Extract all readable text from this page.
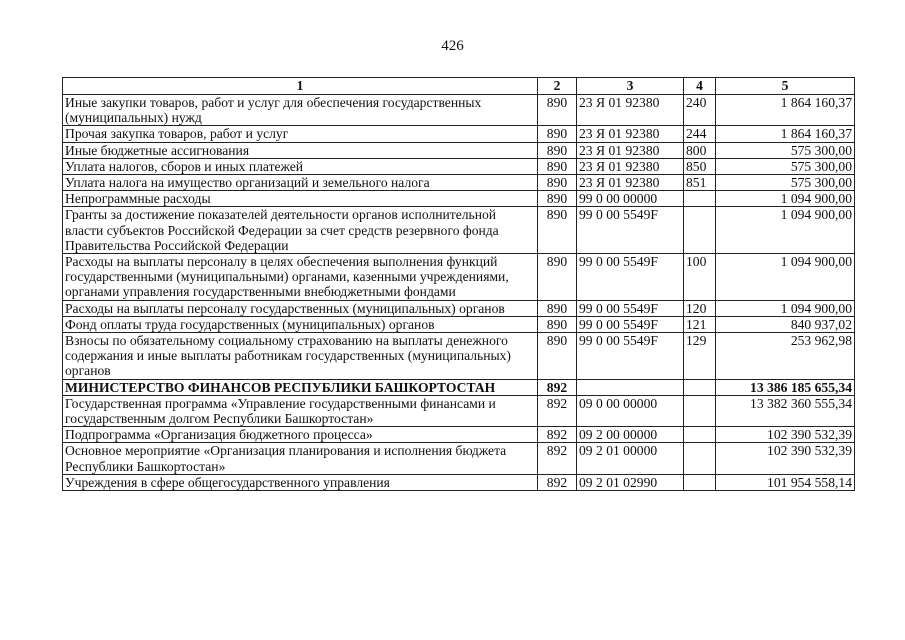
426
1	2	3	4	5
Иные закупки товаров, работ и услуг для обеспечения государственных (муниципальных) нужд	890	23 Я 01 92380	240	1 864 160,37
Прочая закупка товаров, работ и услуг	890	23 Я 01 92380	244	1 864 160,37
Иные бюджетные ассигнования	890	23 Я 01 92380	800	575 300,00
Уплата налогов, сборов и иных платежей	890	23 Я 01 92380	850	575 300,00
Уплата налога на имущество организаций и земельного налога	890	23 Я 01 92380	851	575 300,00
Непрограммные расходы	890	99 0 00 00000		1 094 900,00
Гранты за достижение показателей деятельности органов исполнительной власти субъектов Российской Федерации за счет средств резервного фонда Правительства Российской Федерации	890	99 0 00 5549F		1 094 900,00
Расходы на выплаты персоналу в целях обеспечения выполнения функций государственными (муниципальными) органами, казенными учреждениями, органами управления государственными внебюджетными фондами	890	99 0 00 5549F	100	1 094 900,00
Расходы на выплаты персоналу государственных (муниципальных) органов	890	99 0 00 5549F	120	1 094 900,00
Фонд оплаты труда государственных (муниципальных) органов	890	99 0 00 5549F	121	840 937,02
Взносы по обязательному социальному страхованию на выплаты денежного содержания и иные выплаты работникам государственных (муниципальных) органов	890	99 0 00 5549F	129	253 962,98
МИНИСТЕРСТВО ФИНАНСОВ РЕСПУБЛИКИ БАШКОРТОСТАН	892			13 386 185 655,34
Государственная программа «Управление государственными финансами и государственным долгом Республики Башкортостан»	892	09 0 00 00000		13 382 360 555,34
Подпрограмма «Организация бюджетного процесса»	892	09 2 00 00000		102 390 532,39
Основное мероприятие «Организация планирования и исполнения бюджета Республики Башкортостан»	892	09 2 01 00000		102 390 532,39
Учреждения в сфере общегосударственного управления	892	09 2 01 02990		101 954 558,14
